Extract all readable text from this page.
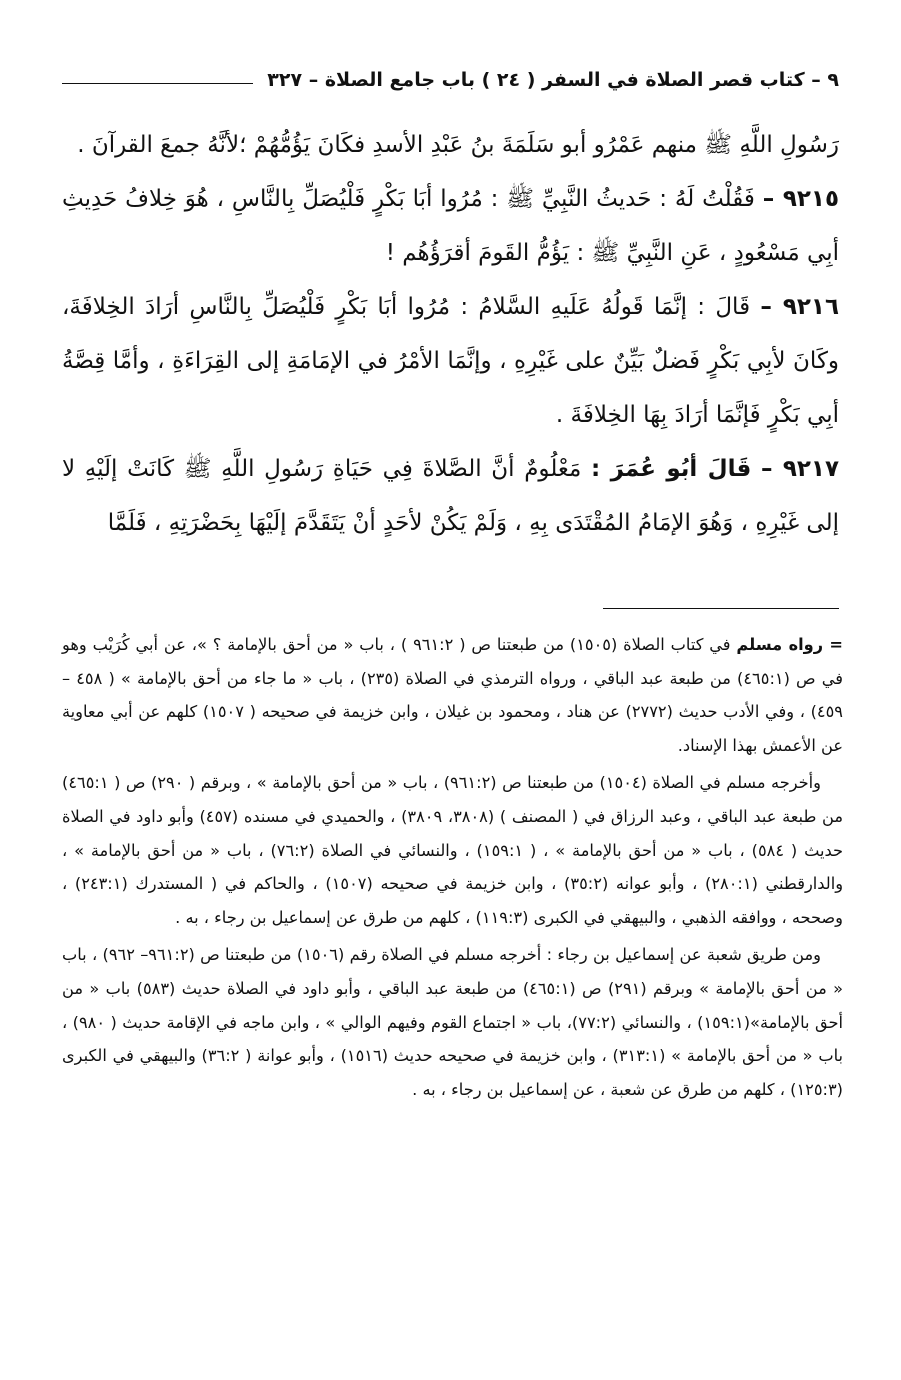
٩ – كتاب قصر الصلاة في السفر ( ٢٤ ) باب جامع الصلاة – ٣٢٧

رَسُولِ اللَّهِ ﷺ منهم عَمْرُو أبو سَلَمَةَ بنُ عَبْدِ الأسدِ فكَانَ يَؤُمُّهُمْ ؛لأنَّهُ جمعَ القرآنَ .

٩٢١٥ – فَقُلْتُ لَهُ : حَديثُ النَّبِيِّ ﷺ : مُرُوا أبَا بَكْرٍ فَلْيُصَلِّ بِالنَّاسِ ، هُوَ خِلافُ حَدِيثِ أبِي مَسْعُودٍ ، عَنِ النَّبِيِّ ﷺ : يَؤُمُّ القَومَ أقرَؤُهُم !

٩٢١٦ – قَالَ : إنَّمَا قَولُهُ عَلَيهِ السَّلامُ : مُرُوا أبَا بَكْرٍ فَلْيُصَلِّ بِالنَّاسِ أرَادَ الخِلافَةَ، وكَانَ لأبِي بَكْرٍ فَضلٌ بَيِّنٌ على غَيْرِهِ ، وإنَّمَا الأمْرُ في الإمَامَةِ إلى القِرَاءَةِ ، وأمَّا قِصَّةُ أبِي بَكْرٍ فَإنَّمَا أرَادَ بِهَا الخِلافَةَ .

٩٢١٧ – قَالَ أبُو عُمَرَ : مَعْلُومٌ أنَّ الصَّلاةَ فِي حَيَاةِ رَسُولِ اللَّهِ ﷺ كَانَتْ إلَيْهِ لا إلى غَيْرِهِ ، وَهُوَ الإمَامُ المُقْتَدَى بِهِ ، وَلَمْ يَكُنْ لأحَدٍ أنْ يَتَقَدَّمَ إلَيْهَا بِحَضْرَتِهِ ، فَلَمَّا

= رواه مسلم في كتاب الصلاة (١٥٠٥) من طبعتنا ص ( ٩٦١:٢ ) ، باب « من أحق بالإمامة ؟ »، عن أبي كُرَيْب وهو في ص (٤٦٥:١) من طبعة عبد الباقي ، ورواه الترمذي في الصلاة (٢٣٥) ، باب « ما جاء من أحق بالإمامة » ( ٤٥٨ – ٤٥٩) ، وفي الأدب حديث (٢٧٧٢) عن هناد ، ومحمود بن غيلان ، وابن خزيمة في صحيحه ( ١٥٠٧) كلهم عن أبي معاوية عن الأعمش بهذا الإسناد.

وأخرجه مسلم في الصلاة (١٥٠٤) من طبعتنا ص (٩٦١:٢) ، باب « من أحق بالإمامة » ، وبرقم ( ٢٩٠) ص ( ٤٦٥:١) من طبعة عبد الباقي ، وعبد الرزاق في ( المصنف ) (٣٨٠٨، ٣٨٠٩) ، والحميدي في مسنده (٤٥٧) وأبو داود في الصلاة حديث ( ٥٨٤) ، باب « من أحق بالإمامة » ، ( ١٥٩:١) ، والنسائي في الصلاة (٧٦:٢) ، باب « من أحق بالإمامة » ، والدارقطني (٢٨٠:١) ، وأبو عوانه (٣٥:٢) ، وابن خزيمة في صحيحه (١٥٠٧) ، والحاكم في ( المستدرك (٢٤٣:١) ، وصححه ، ووافقه الذهبي ، والبيهقي في الكبرى (١١٩:٣) ، كلهم من طرق عن إسماعيل بن رجاء ، به .

ومن طريق شعبة عن إسماعيل بن رجاء : أخرجه مسلم في الصلاة رقم (١٥٠٦) من طبعتنا ص (٩٦١:٢– ٩٦٢) ، باب « من أحق بالإمامة » وبرقم (٢٩١) ص (٤٦٥:١) من طبعة عبد الباقي ، وأبو داود في الصلاة حديث (٥٨٣) باب « من أحق بالإمامة»(١٥٩:١) ، والنسائي (٧٧:٢)، باب « اجتماع القوم وفيهم الوالي » ، وابن ماجه في الإقامة حديث ( ٩٨٠) ، باب « من أحق بالإمامة » (٣١٣:١) ، وابن خزيمة في صحيحه حديث (١٥١٦) ، وأبو عوانة ( ٣٦:٢) والبيهقي في الكبرى (١٢٥:٣) ، كلهم من طرق عن شعبة ، عن إسماعيل بن رجاء ، به .
